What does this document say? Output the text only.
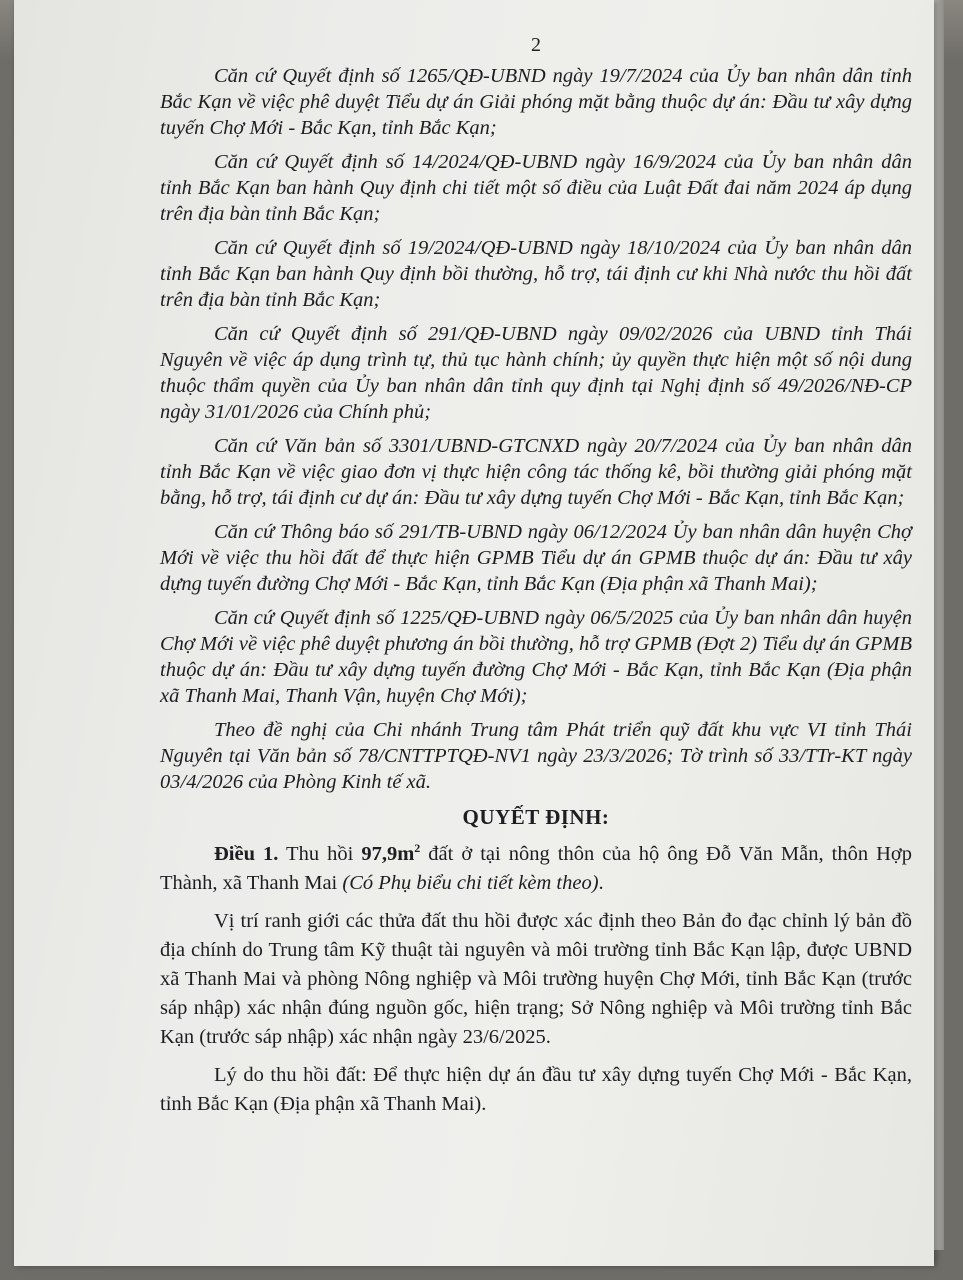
2

Căn cứ Quyết định số 1265/QĐ-UBND ngày 19/7/2024 của Ủy ban nhân dân tỉnh Bắc Kạn về việc phê duyệt Tiểu dự án Giải phóng mặt bằng thuộc dự án: Đầu tư xây dựng tuyến Chợ Mới - Bắc Kạn, tỉnh Bắc Kạn;

Căn cứ Quyết định số 14/2024/QĐ-UBND ngày 16/9/2024 của Ủy ban nhân dân tỉnh Bắc Kạn ban hành Quy định chi tiết một số điều của Luật Đất đai năm 2024 áp dụng trên địa bàn tỉnh Bắc Kạn;

Căn cứ Quyết định số 19/2024/QĐ-UBND ngày 18/10/2024 của Ủy ban nhân dân tỉnh Bắc Kạn ban hành Quy định bồi thường, hỗ trợ, tái định cư khi Nhà nước thu hồi đất trên địa bàn tỉnh Bắc Kạn;

Căn cứ Quyết định số 291/QĐ-UBND ngày 09/02/2026 của UBND tỉnh Thái Nguyên về việc áp dụng trình tự, thủ tục hành chính; ủy quyền thực hiện một số nội dung thuộc thẩm quyền của Ủy ban nhân dân tỉnh quy định tại Nghị định số 49/2026/NĐ-CP ngày 31/01/2026 của Chính phủ;

Căn cứ Văn bản số 3301/UBND-GTCNXD ngày 20/7/2024 của Ủy ban nhân dân tỉnh Bắc Kạn về việc giao đơn vị thực hiện công tác thống kê, bồi thường giải phóng mặt bằng, hỗ trợ, tái định cư dự án: Đầu tư xây dựng tuyến Chợ Mới - Bắc Kạn, tỉnh Bắc Kạn;

Căn cứ Thông báo số 291/TB-UBND ngày 06/12/2024 Ủy ban nhân dân huyện Chợ Mới về việc thu hồi đất để thực hiện GPMB Tiểu dự án GPMB thuộc dự án: Đầu tư xây dựng tuyến đường Chợ Mới - Bắc Kạn, tỉnh Bắc Kạn (Địa phận xã Thanh Mai);

Căn cứ Quyết định số 1225/QĐ-UBND ngày 06/5/2025 của Ủy ban nhân dân huyện Chợ Mới về việc phê duyệt phương án bồi thường, hỗ trợ GPMB (Đợt 2) Tiểu dự án GPMB thuộc dự án: Đầu tư xây dựng tuyến đường Chợ Mới - Bắc Kạn, tỉnh Bắc Kạn (Địa phận xã Thanh Mai, Thanh Vận, huyện Chợ Mới);

Theo đề nghị của Chi nhánh Trung tâm Phát triển quỹ đất khu vực VI tỉnh Thái Nguyên tại Văn bản số 78/CNTTPTQĐ-NV1 ngày 23/3/2026; Tờ trình số 33/TTr-KT ngày 03/4/2026 của Phòng Kinh tế xã.

QUYẾT ĐỊNH:

Điều 1. Thu hồi $97,9m^2$ đất ở tại nông thôn của hộ ông Đỗ Văn Mẫn, thôn Hợp Thành, xã Thanh Mai (Có Phụ biểu chi tiết kèm theo).

Vị trí ranh giới các thửa đất thu hồi được xác định theo Bản đo đạc chỉnh lý bản đồ địa chính do Trung tâm Kỹ thuật tài nguyên và môi trường tỉnh Bắc Kạn lập, được UBND xã Thanh Mai và phòng Nông nghiệp và Môi trường huyện Chợ Mới, tỉnh Bắc Kạn (trước sáp nhập) xác nhận đúng nguồn gốc, hiện trạng; Sở Nông nghiệp và Môi trường tỉnh Bắc Kạn (trước sáp nhập) xác nhận ngày 23/6/2025.

Lý do thu hồi đất: Để thực hiện dự án đầu tư xây dựng tuyến Chợ Mới - Bắc Kạn, tỉnh Bắc Kạn (Địa phận xã Thanh Mai).
